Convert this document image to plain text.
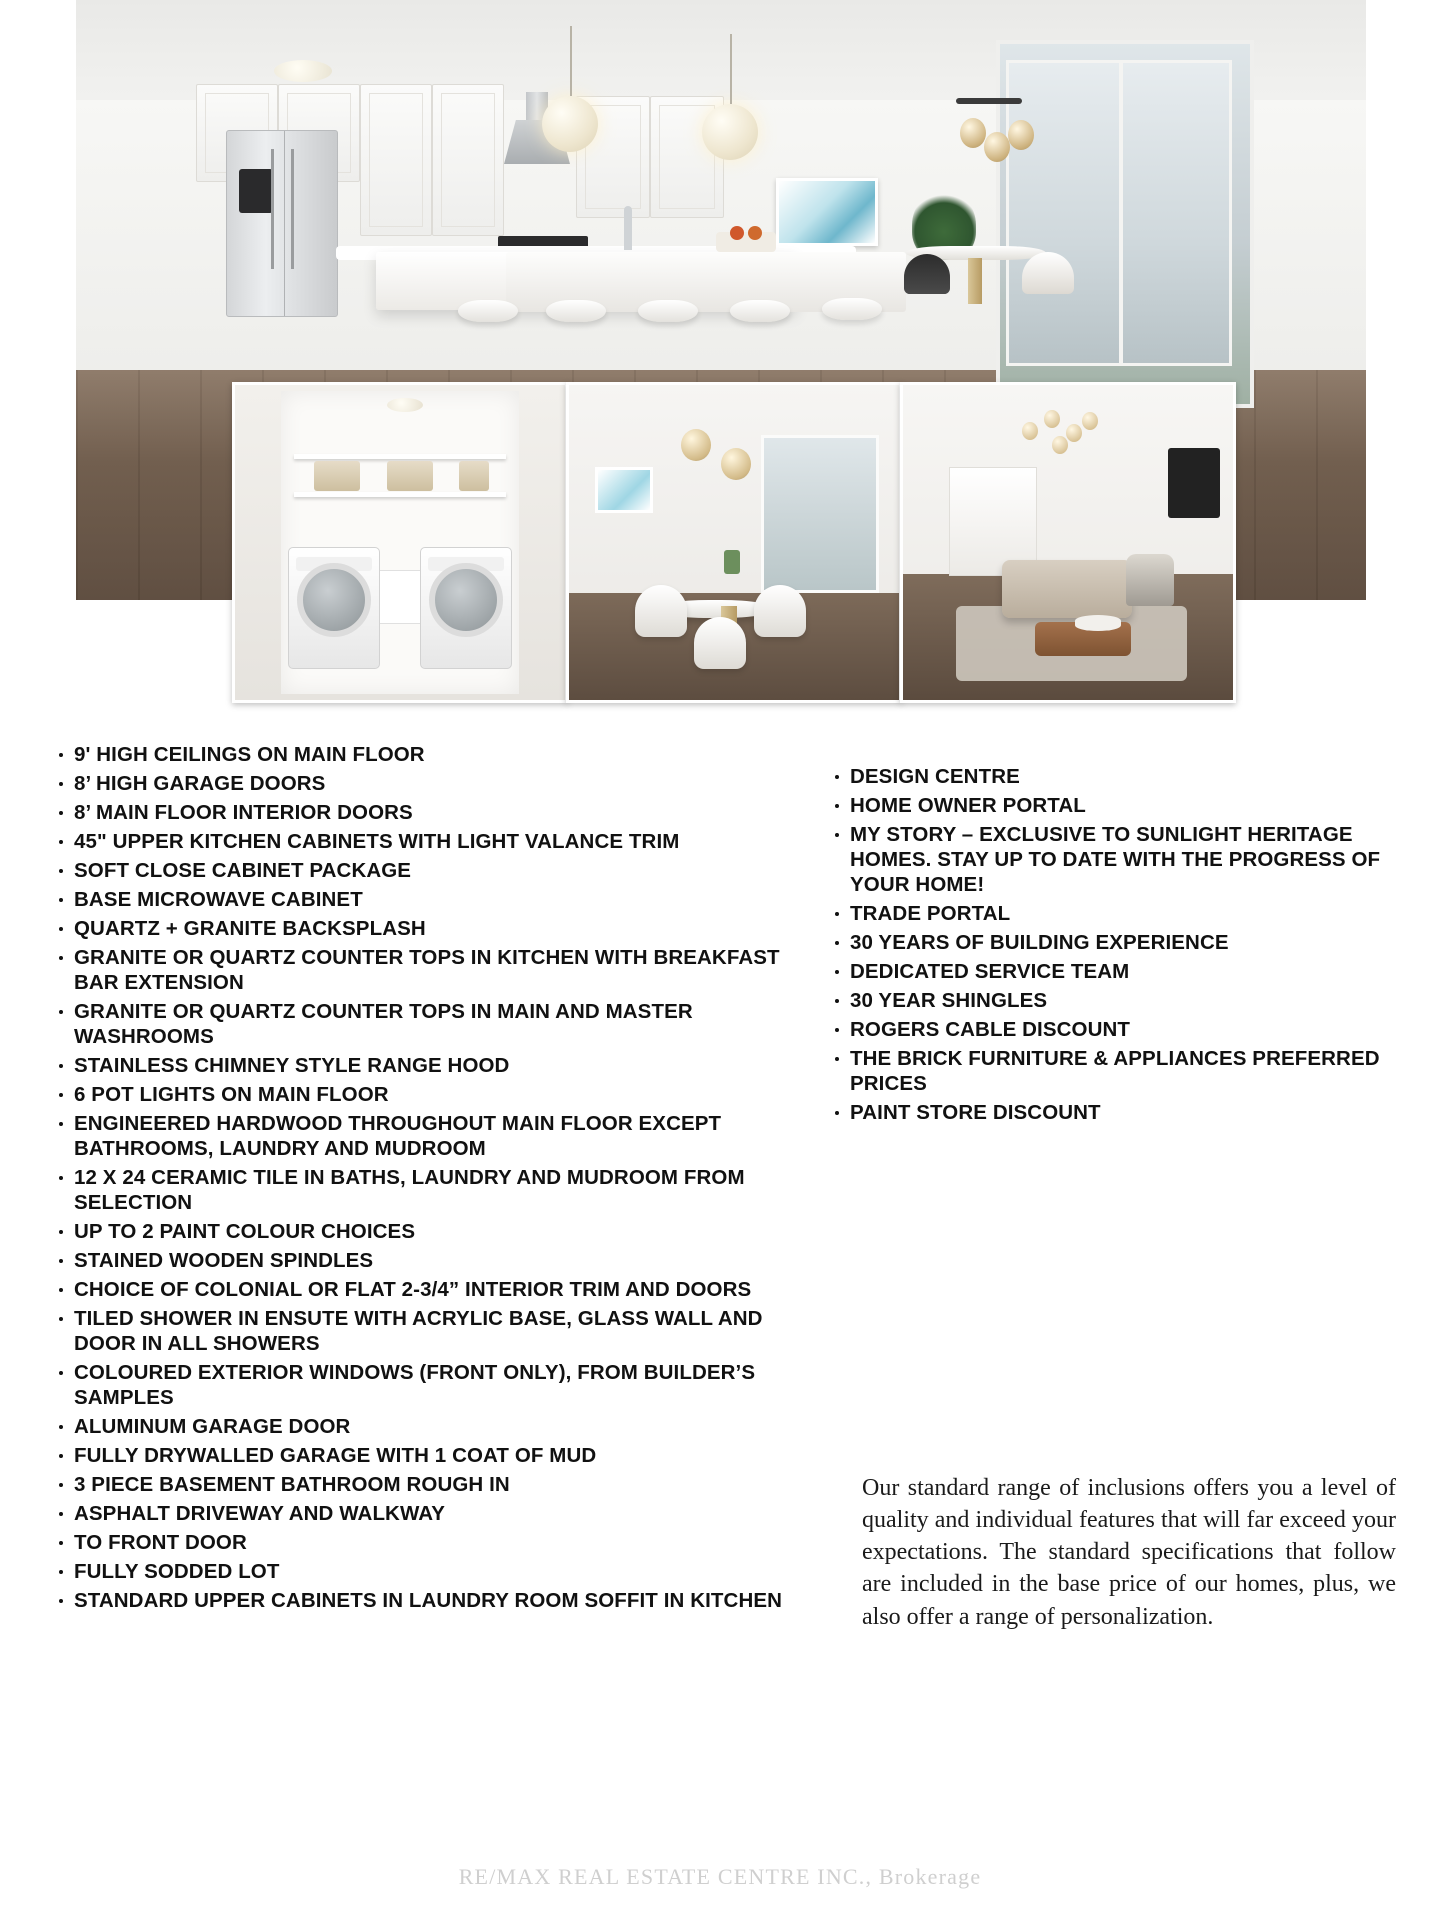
9' HIGH CEILINGS ON MAIN FLOOR
8’ HIGH GARAGE DOORS
8’ MAIN FLOOR INTERIOR DOORS
45" UPPER KITCHEN CABINETS WITH LIGHT VALANCE TRIM
SOFT CLOSE CABINET PACKAGE
BASE MICROWAVE CABINET
QUARTZ + GRANITE BACKSPLASH
GRANITE OR QUARTZ COUNTER TOPS IN KITCHEN WITH BREAKFAST BAR EXTENSION
GRANITE OR QUARTZ COUNTER TOPS IN MAIN AND MASTER WASHROOMS
STAINLESS CHIMNEY STYLE RANGE HOOD
6 POT LIGHTS ON MAIN FLOOR
ENGINEERED HARDWOOD THROUGHOUT MAIN FLOOR EXCEPT BATHROOMS, LAUNDRY AND MUDROOM
12 X 24 CERAMIC TILE IN BATHS, LAUNDRY AND MUDROOM FROM SELECTION
UP TO 2 PAINT COLOUR CHOICES
STAINED WOODEN SPINDLES
CHOICE OF COLONIAL OR FLAT 2-3/4” INTERIOR TRIM AND DOORS
TILED SHOWER IN ENSUTE WITH ACRYLIC BASE, GLASS WALL AND DOOR IN ALL SHOWERS
COLOURED EXTERIOR WINDOWS (FRONT ONLY), FROM BUILDER’S SAMPLES
ALUMINUM GARAGE DOOR
FULLY DRYWALLED GARAGE WITH 1 COAT OF MUD
3 PIECE BASEMENT BATHROOM ROUGH IN
ASPHALT DRIVEWAY AND WALKWAY
TO FRONT DOOR
FULLY SODDED LOT
STANDARD UPPER CABINETS IN LAUNDRY ROOM SOFFIT IN KITCHEN
DESIGN CENTRE
HOME OWNER PORTAL
MY STORY – EXCLUSIVE TO SUNLIGHT HERITAGE HOMES. STAY UP TO DATE WITH THE PROGRESS OF YOUR HOME!
TRADE PORTAL
30 YEARS OF BUILDING EXPERIENCE
DEDICATED SERVICE TEAM
30 YEAR SHINGLES
ROGERS CABLE DISCOUNT
THE BRICK FURNITURE & APPLIANCES PREFERRED PRICES
PAINT STORE DISCOUNT

Our standard range of inclusions offers you a level of quality and individual features that will far exceed your expectations. The standard specifications that follow are included in the base price of our homes, plus, we also offer a range of personalization.

RE/MAX REAL ESTATE CENTRE INC., Brokerage
